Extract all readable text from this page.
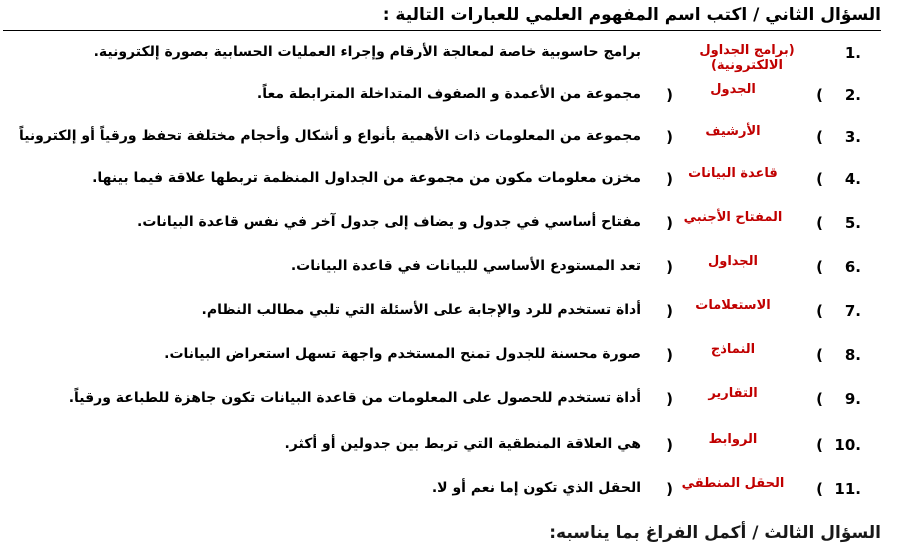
السؤال الثاني / اكتب اسم المفهوم العلمي للعبارات التالية :
1.
(برامج الجداول الالكترونية)
برامج حاسوبية خاصة لمعالجة الأرقام وإجراء العمليات الحسابية بصورة إلكترونية.
2.
)
(	الجدول
مجموعة من الأعمدة و الصفوف المتداخلة المترابطة معاً.
3.
)
(	الأرشيف
مجموعة من المعلومات ذات الأهمية بأنواع و أشكال وأحجام مختلفة تحفظ ورقياً أو إلكترونياً
4.
)
(	قاعدة البيانات
مخزن معلومات مكون من مجموعة من الجداول المنظمة تربطها علاقة فيما بينها.
5.
)
( المفتاح الأجنبي
مفتاح أساسي في جدول و يضاف إلى جدول آخر في نفس قاعدة البيانات.
6.
)
(	الجداول
تعد المستودع الأساسي للبيانات في قاعدة البيانات.
7.
)
(	الاستعلامات
أداة تستخدم للرد والإجابة على الأسئلة التي تلبي مطالب النظام.
8.
)
(	النماذج
صورة محسنة للجدول تمنح المستخدم واجهة تسهل استعراض البيانات.
9.
)
(	التقارير
أداة تستخدم للحصول على المعلومات من قاعدة البيانات تكون جاهزة للطباعة ورقياً.
10.
)
(	الروابط
هي العلاقة المنطقية التي تربط بين جدولين أو أكثر.
11.
)
( الحقل المنطقي
الحقل الذي تكون إما نعم أو لا.
السؤال الثالث / أكمل الفراغ بما يناسبه:
